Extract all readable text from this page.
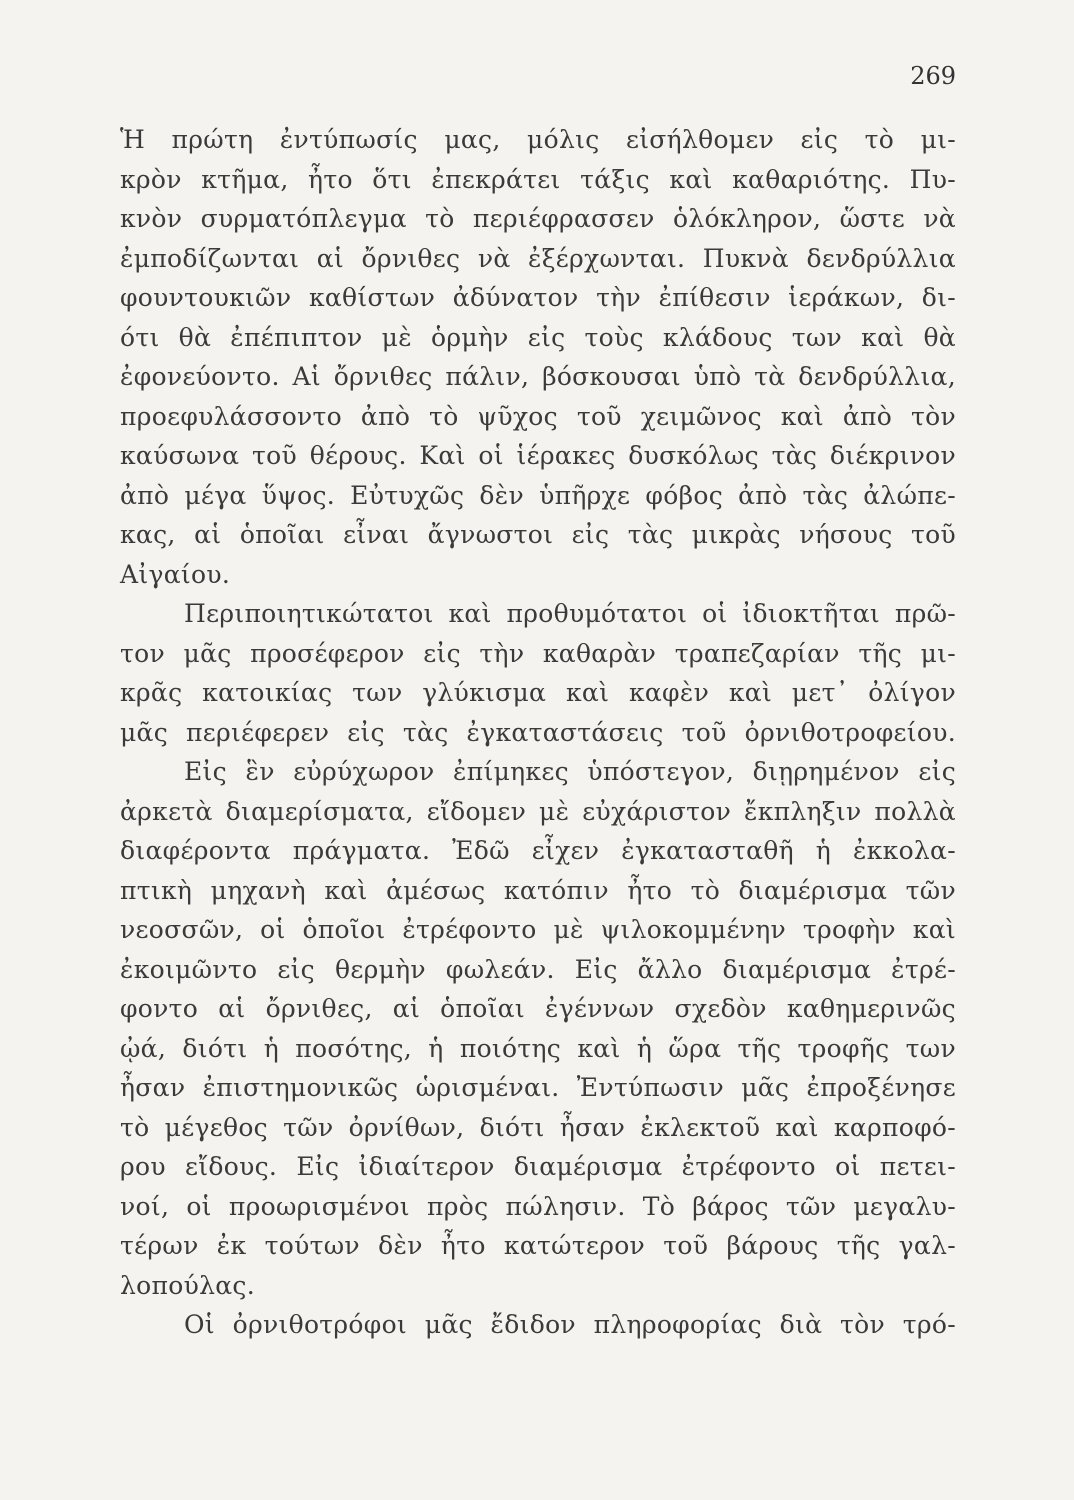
269
Ἡ πρώτη ἐντύπωσίς μας, μόλις εἰσήλθομεν εἰς τὸ μι-
κρὸν κτῆμα, ἦτο ὅτι ἐπεκράτει τάξις καὶ καθαριότης. Πυ-
κνὸν συρματόπλεγμα τὸ περιέφρασσεν ὁλόκληρον, ὥστε νὰ
ἐμποδίζωνται αἱ ὄρνιθες νὰ ἐξέρχωνται. Πυκνὰ δενδρύλλια
φουντουκιῶν καθίστων ἀδύνατον τὴν ἐπίθεσιν ἱεράκων, δι-
ότι θὰ ἐπέπιπτον μὲ ὁρμὴν εἰς τοὺς κλάδους των καὶ θὰ
ἐφονεύοντο. Αἱ ὄρνιθες πάλιν, βόσκουσαι ὑπὸ τὰ δενδρύλλια,
προεφυλάσσοντο ἀπὸ τὸ ψῦχος τοῦ χειμῶνος καὶ ἀπὸ τὸν
καύσωνα τοῦ θέρους. Καὶ οἱ ἱέρακες δυσκόλως τὰς διέκρινον
ἀπὸ μέγα ὕψος. Εὐτυχῶς δὲν ὑπῆρχε φόβος ἀπὸ τὰς ἀλώπε-
κας, αἱ ὁποῖαι εἶναι ἄγνωστοι εἰς τὰς μικρὰς νήσους τοῦ
Αἰγαίου.
Περιποιητικώτατοι καὶ προθυμότατοι οἱ ἰδιοκτῆται πρῶ-
τον μᾶς προσέφερον εἰς τὴν καθαρὰν τραπεζαρίαν τῆς μι-
κρᾶς κατοικίας των γλύκισμα καὶ καφὲν καὶ μετ᾽ ὀλίγον
μᾶς περιέφερεν εἰς τὰς ἐγκαταστάσεις τοῦ ὀρνιθοτροφείου.
Εἰς ἓν εὐρύχωρον ἐπίμηκες ὑπόστεγον, διῃρημένον εἰς
ἀρκετὰ διαμερίσματα, εἴδομεν μὲ εὐχάριστον ἔκπληξιν πολλὰ
διαφέροντα πράγματα. Ἐδῶ εἶχεν ἐγκατασταθῆ ἡ ἐκκολα-
πτικὴ μηχανὴ καὶ ἀμέσως κατόπιν ἦτο τὸ διαμέρισμα τῶν
νεοσσῶν, οἱ ὁποῖοι ἐτρέφοντο μὲ ψιλοκομμένην τροφὴν καὶ
ἐκοιμῶντο εἰς θερμὴν φωλεάν. Εἰς ἄλλο διαμέρισμα ἐτρέ-
φοντο αἱ ὄρνιθες, αἱ ὁποῖαι ἐγέννων σχεδὸν καθημερινῶς
ᾠά, διότι ἡ ποσότης, ἡ ποιότης καὶ ἡ ὥρα τῆς τροφῆς των
ἦσαν ἐπιστημονικῶς ὡρισμέναι. Ἐντύπωσιν μᾶς ἐπροξένησε
τὸ μέγεθος τῶν ὀρνίθων, διότι ἦσαν ἐκλεκτοῦ καὶ καρποφό-
ρου εἴδους. Εἰς ἰδιαίτερον διαμέρισμα ἐτρέφοντο οἱ πετει-
νοί, οἱ προωρισμένοι πρὸς πώλησιν. Τὸ βάρος τῶν μεγαλυ-
τέρων ἐκ τούτων δὲν ἦτο κατώτερον τοῦ βάρους τῆς γαλ-
λοπούλας.
Οἱ ὀρνιθοτρόφοι μᾶς ἔδιδον πληροφορίας διὰ τὸν τρό-
